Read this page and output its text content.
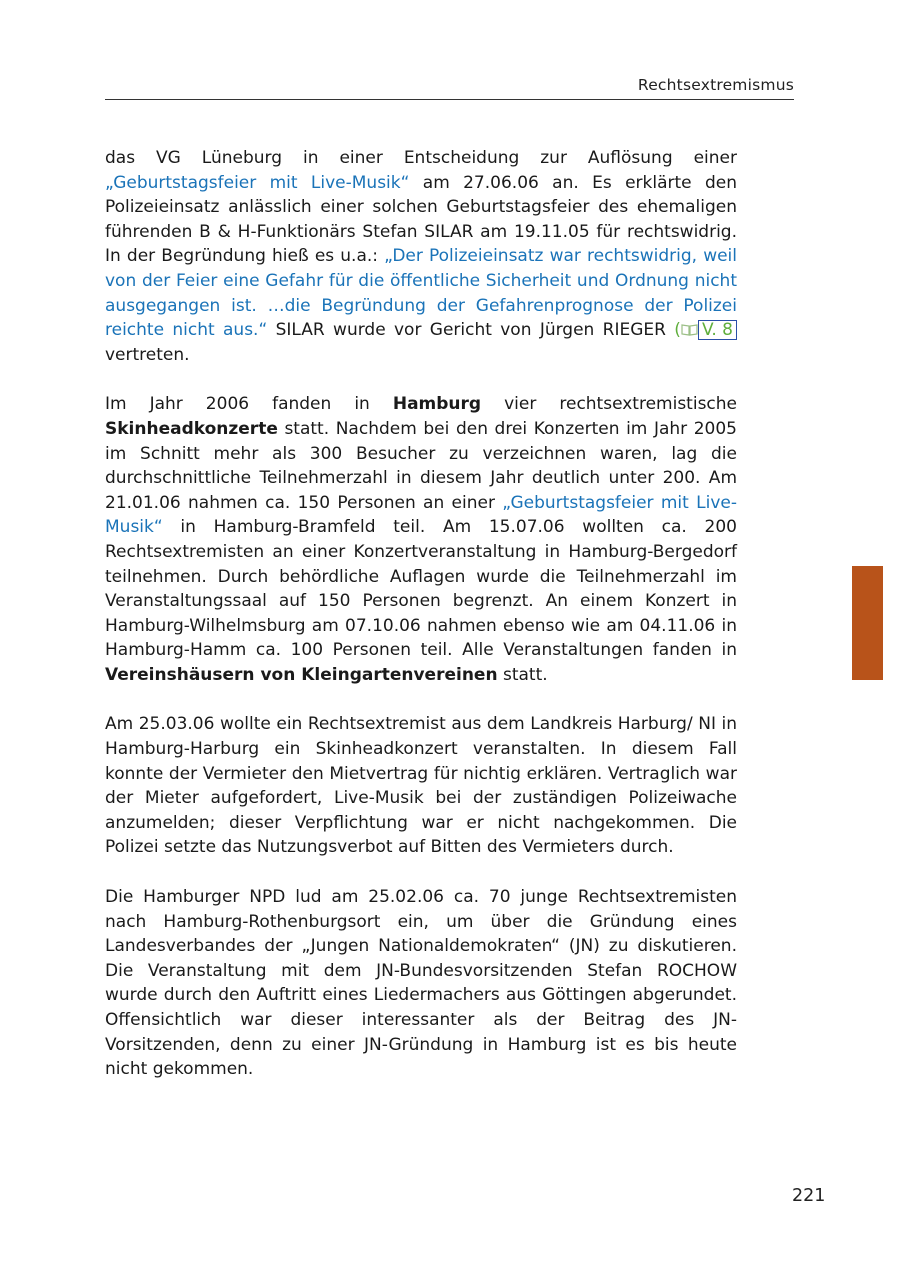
Rechtsextremismus

das VG Lüneburg in einer Entscheidung zur Auflösung einer „Geburtstagsfeier mit Live-Musik“ am 27.06.06 an. Es erklärte den Polizeieinsatz anlässlich einer solchen Geburtstagsfeier des ehemaligen führenden B & H-Funktionärs Stefan SILAR am 19.11.05 für rechtswidrig. In der Begründung hieß es u.a.: „Der Polizeieinsatz war rechtswidrig, weil von der Feier eine Gefahr für die öffentliche Sicherheit und Ordnung nicht ausgegangen ist. …die Begründung der Gefahrenprognose der Polizei reichte nicht aus.“ SILAR wurde vor Gericht von Jürgen RIEGER ( V. 8 vertreten.

Im Jahr 2006 fanden in Hamburg vier rechtsextremistische Skinheadkonzerte statt. Nachdem bei den drei Konzerten im Jahr 2005 im Schnitt mehr als 300 Besucher zu verzeichnen waren, lag die durchschnittliche Teilnehmerzahl in diesem Jahr deutlich unter 200. Am 21.01.06 nahmen ca. 150 Personen an einer „Geburtstagsfeier mit Live-Musik“ in Hamburg-Bramfeld teil. Am 15.07.06 wollten ca. 200 Rechtsextremisten an einer Konzertveranstaltung in Hamburg-Bergedorf teilnehmen. Durch behördliche Auflagen wurde die Teilnehmerzahl im Veranstaltungssaal auf 150 Personen begrenzt. An einem Konzert in Hamburg-Wilhelmsburg am 07.10.06 nahmen ebenso wie am 04.11.06 in Hamburg-Hamm ca. 100 Personen teil. Alle Veranstaltungen fanden in Vereinshäusern von Kleingartenvereinen statt.

Am 25.03.06 wollte ein Rechtsextremist aus dem Landkreis Harburg/ NI in Hamburg-Harburg ein Skinheadkonzert veranstalten. In diesem Fall konnte der Vermieter den Mietvertrag für nichtig erklären. Vertraglich war der Mieter aufgefordert, Live-Musik bei der zuständigen Polizeiwache anzumelden; dieser Verpflichtung war er nicht nachgekommen. Die Polizei setzte das Nutzungsverbot auf Bitten des Vermieters durch.

Die Hamburger NPD lud am 25.02.06 ca. 70 junge Rechtsextremisten nach Hamburg-Rothenburgsort ein, um über die Gründung eines Landesverbandes der „Jungen Nationaldemokraten“ (JN) zu diskutieren. Die Veranstaltung mit dem JN-Bundesvorsitzenden Stefan ROCHOW wurde durch den Auftritt eines Liedermachers aus Göttingen abgerundet. Offensichtlich war dieser interessanter als der Beitrag des JN-Vorsitzenden, denn zu einer JN-Gründung in Hamburg ist es bis heute nicht gekommen.

221
